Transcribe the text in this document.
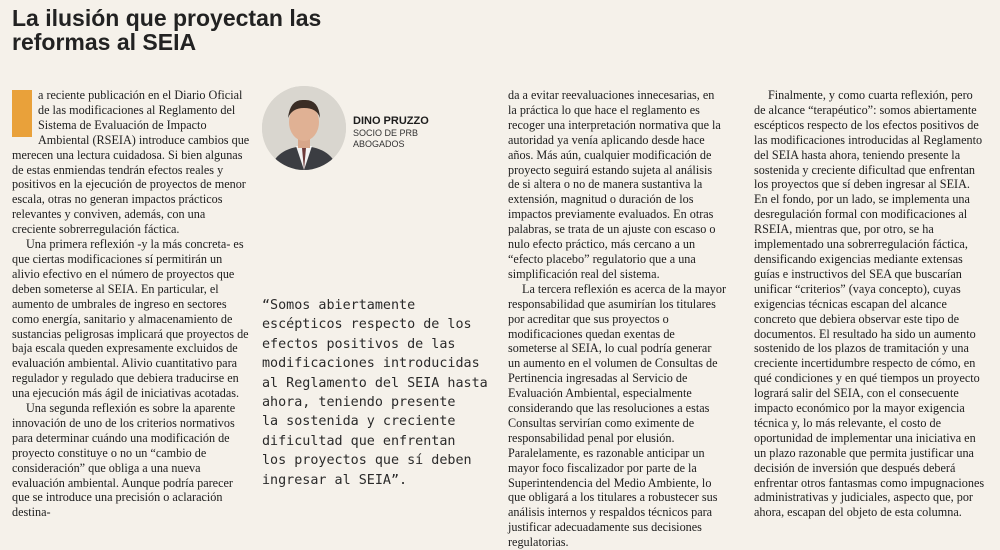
La ilusión que proyectan las
reformas al SEIA

a reciente publicación en el Diario Oficial de las modificaciones al Reglamento del Sistema de Evaluación de Impacto Ambiental (RSEIA) introduce cambios que merecen una lectura cuidadosa. Si bien algunas de estas enmiendas tendrán efectos reales y positivos en la ejecución de proyectos de menor escala, otras no generan impactos prácticos relevantes y conviven, además, con una creciente sobrerregulación fáctica.

Una primera reflexión -y la más concreta- es que ciertas modificaciones sí permitirán un alivio efectivo en el número de proyectos que deben someterse al SEIA. En particular, el aumento de umbrales de ingreso en sectores como energía, sanitario y almacenamiento de sustancias peligrosas implicará que proyectos de baja escala queden expresamente excluidos de evaluación ambiental. Alivio cuantitativo para regulador y regulado que debiera traducirse en una ejecución más ágil de iniciativas acotadas.

Una segunda reflexión es sobre la aparente innovación de uno de los criterios normativos para determinar cuándo una modificación de proyecto constituye o no un “cambio de consideración” que obliga a una nueva evaluación ambiental. Aunque podría parecer que se introduce una precisión o aclaración destina-

DINO PRUZZO
SOCIO DE PRB
ABOGADOS
“Somos abiertamente
escépticos respecto de los
efectos positivos de las
modificaciones introducidas
al Reglamento del SEIA hasta
ahora, teniendo presente
la sostenida y creciente
dificultad que enfrentan
los proyectos que sí deben
ingresar al SEIA”.

da a evitar reevaluaciones innecesarias, en la práctica lo que hace el reglamento es recoger una interpretación normativa que la autoridad ya venía aplicando desde hace años. Más aún, cualquier modificación de proyecto seguirá estando sujeta al análisis de si altera o no de manera sustantiva la extensión, magnitud o duración de los impactos previamente evaluados. En otras palabras, se trata de un ajuste con escaso o nulo efecto práctico, más cercano a un “efecto placebo” regulatorio que a una simplificación real del sistema.

La tercera reflexión es acerca de la mayor responsabilidad que asumirían los titulares por acreditar que sus proyectos o modificaciones quedan exentas de someterse al SEIA, lo cual podría generar un aumento en el volumen de Consultas de Pertinencia ingresadas al Servicio de Evaluación Ambiental, especialmente considerando que las resoluciones a estas Consultas servirían como eximente de responsabilidad penal por elusión. Paralelamente, es razonable anticipar un mayor foco fiscalizador por parte de la Superintendencia del Medio Ambiente, lo que obligará a los titulares a robustecer sus análisis internos y respaldos técnicos para justificar adecuadamente sus decisiones regulatorias.

Finalmente, y como cuarta reflexión, pero de alcance “terapéutico”: somos abiertamente escépticos respecto de los efectos positivos de las modificaciones introducidas al Reglamento del SEIA hasta ahora, teniendo presente la sostenida y creciente dificultad que enfrentan los proyectos que sí deben ingresar al SEIA. En el fondo, por un lado, se implementa una desregulación formal con modificaciones al RSEIA, mientras que, por otro, se ha implementado una sobrerregulación fáctica, densificando exigencias mediante extensas guías e instructivos del SEA que buscarían unificar “criterios” (vaya concepto), cuyas exigencias técnicas escapan del alcance concreto que debiera observar este tipo de documentos. El resultado ha sido un aumento sostenido de los plazos de tramitación y una creciente incertidumbre respecto de cómo, en qué condiciones y en qué tiempos un proyecto logrará salir del SEIA, con el consecuente impacto económico por la mayor exigencia técnica y, lo más relevante, el costo de oportunidad de implementar una iniciativa en un plazo razonable que permita justificar una decisión de inversión que después deberá enfrentar otros fantasmas como impugnaciones administrativas y judiciales, aspecto que, por ahora, escapan del objeto de esta columna.
